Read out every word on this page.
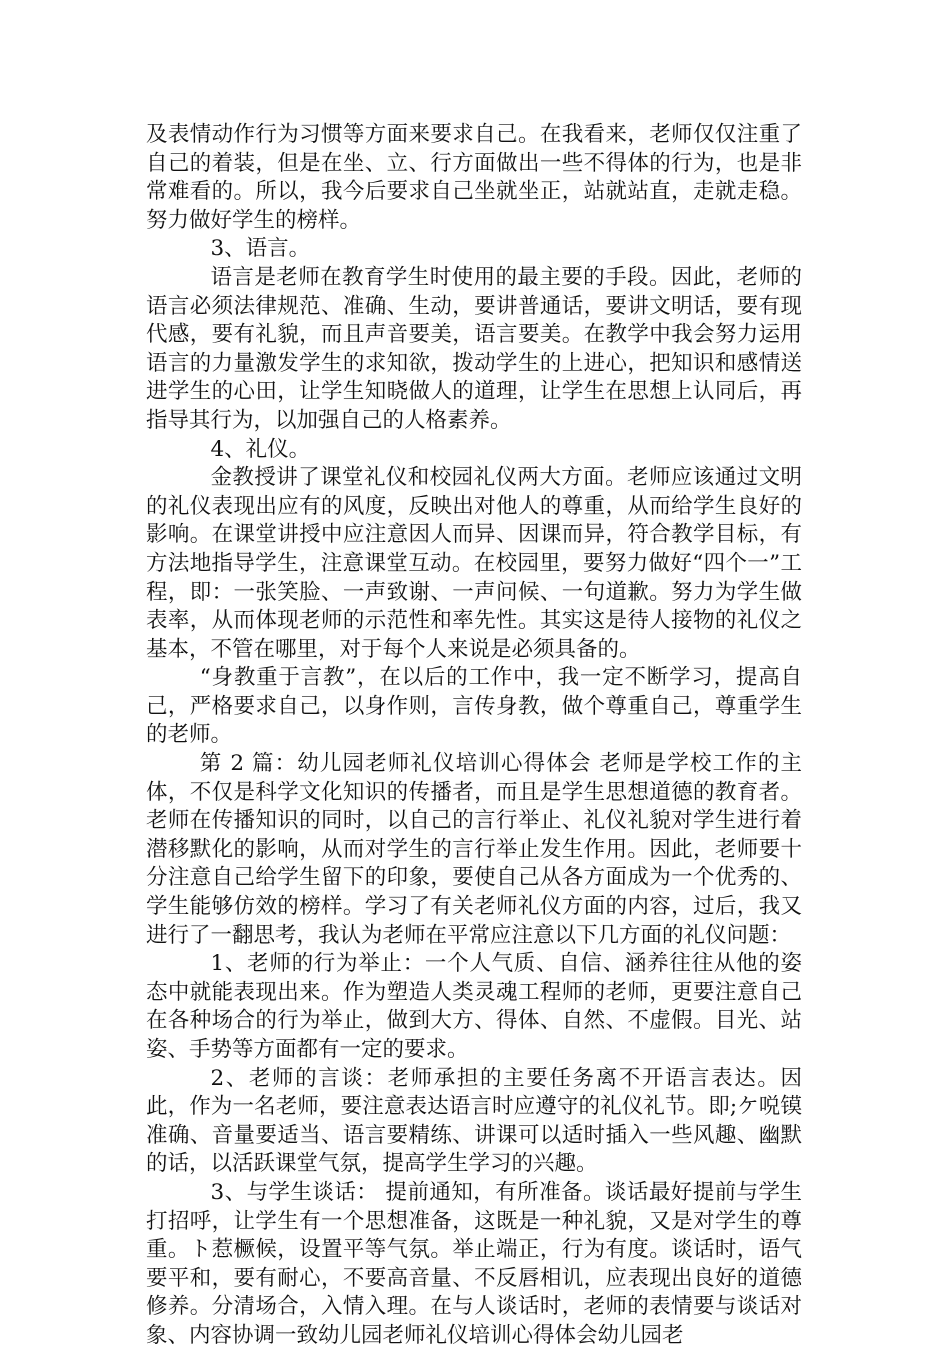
及表情动作行为习惯等方面来要求自己。在我看来，老师仅仅注重了自己的着装，但是在坐、立、行方面做出一些不得体的行为，也是非常难看的。所以，我今后要求自己坐就坐正，站就站直，走就走稳。努力做好学生的榜样。

3、语言。

语言是老师在教育学生时使用的最主要的手段。因此，老师的语言必须法律规范、准确、生动，要讲普通话，要讲文明话，要有现代感，要有礼貌，而且声音要美，语言要美。在教学中我会努力运用语言的力量激发学生的求知欲，拨动学生的上进心，把知识和感情送进学生的心田，让学生知晓做人的道理，让学生在思想上认同后，再指导其行为，以加强自己的人格素养。

4、礼仪。

金教授讲了课堂礼仪和校园礼仪两大方面。老师应该通过文明的礼仪表现出应有的风度，反映出对他人的尊重，从而给学生良好的影响。在课堂讲授中应注意因人而异、因课而异，符合教学目标，有方法地指导学生，注意课堂互动。在校园里，要努力做好“四个一”工程，即：一张笑脸、一声致谢、一声问候、一句道歉。努力为学生做表率，从而体现老师的示范性和率先性。其实这是待人接物的礼仪之基本，不管在哪里，对于每个人来说是必须具备的。

“身教重于言教”，在以后的工作中，我一定不断学习，提高自己，严格要求自己，以身作则，言传身教，做个尊重自己，尊重学生的老师。

第 2 篇：幼儿园老师礼仪培训心得体会 老师是学校工作的主体，不仅是科学文化知识的传播者，而且是学生思想道德的教育者。老师在传播知识的同时，以自己的言行举止、礼仪礼貌对学生进行着潜移默化的影响，从而对学生的言行举止发生作用。因此，老师要十分注意自己给学生留下的印象，要使自己从各方面成为一个优秀的、学生能够仿效的榜样。学习了有关老师礼仪方面的内容，过后，我又进行了一翻思考，我认为老师在平常应注意以下几方面的礼仪问题：

1、老师的行为举止：一个人气质、自信、涵养往往从他的姿态中就能表现出来。作为塑造人类灵魂工程师的老师，更要注意自己在各种场合的行为举止，做到大方、得体、自然、不虚假。目光、站姿、手势等方面都有一定的要求。

2、老师的言谈：老师承担的主要任务离不开语言表达。因此，作为一名老师，要注意表达语言时应遵守的礼仪礼节。即;ケ哾镆准确、音量要适当、语言要精练、讲课可以适时插入一些风趣、幽默的话，以活跃课堂气氛，提高学生学习的兴趣。

3、与学生谈话： 提前通知，有所准备。谈话最好提前与学生打招呼，让学生有一个思想准备，这既是一种礼貌，又是对学生的尊重。ト惹橛候，设置平等气氛。举止端正，行为有度。谈话时，语气要平和，要有耐心，不要高音量、不反唇相讥，应表现出良好的道德修养。分清场合，入情入理。在与人谈话时，老师的表情要与谈话对象、内容协调一致幼儿园老师礼仪培训心得体会幼儿园老
